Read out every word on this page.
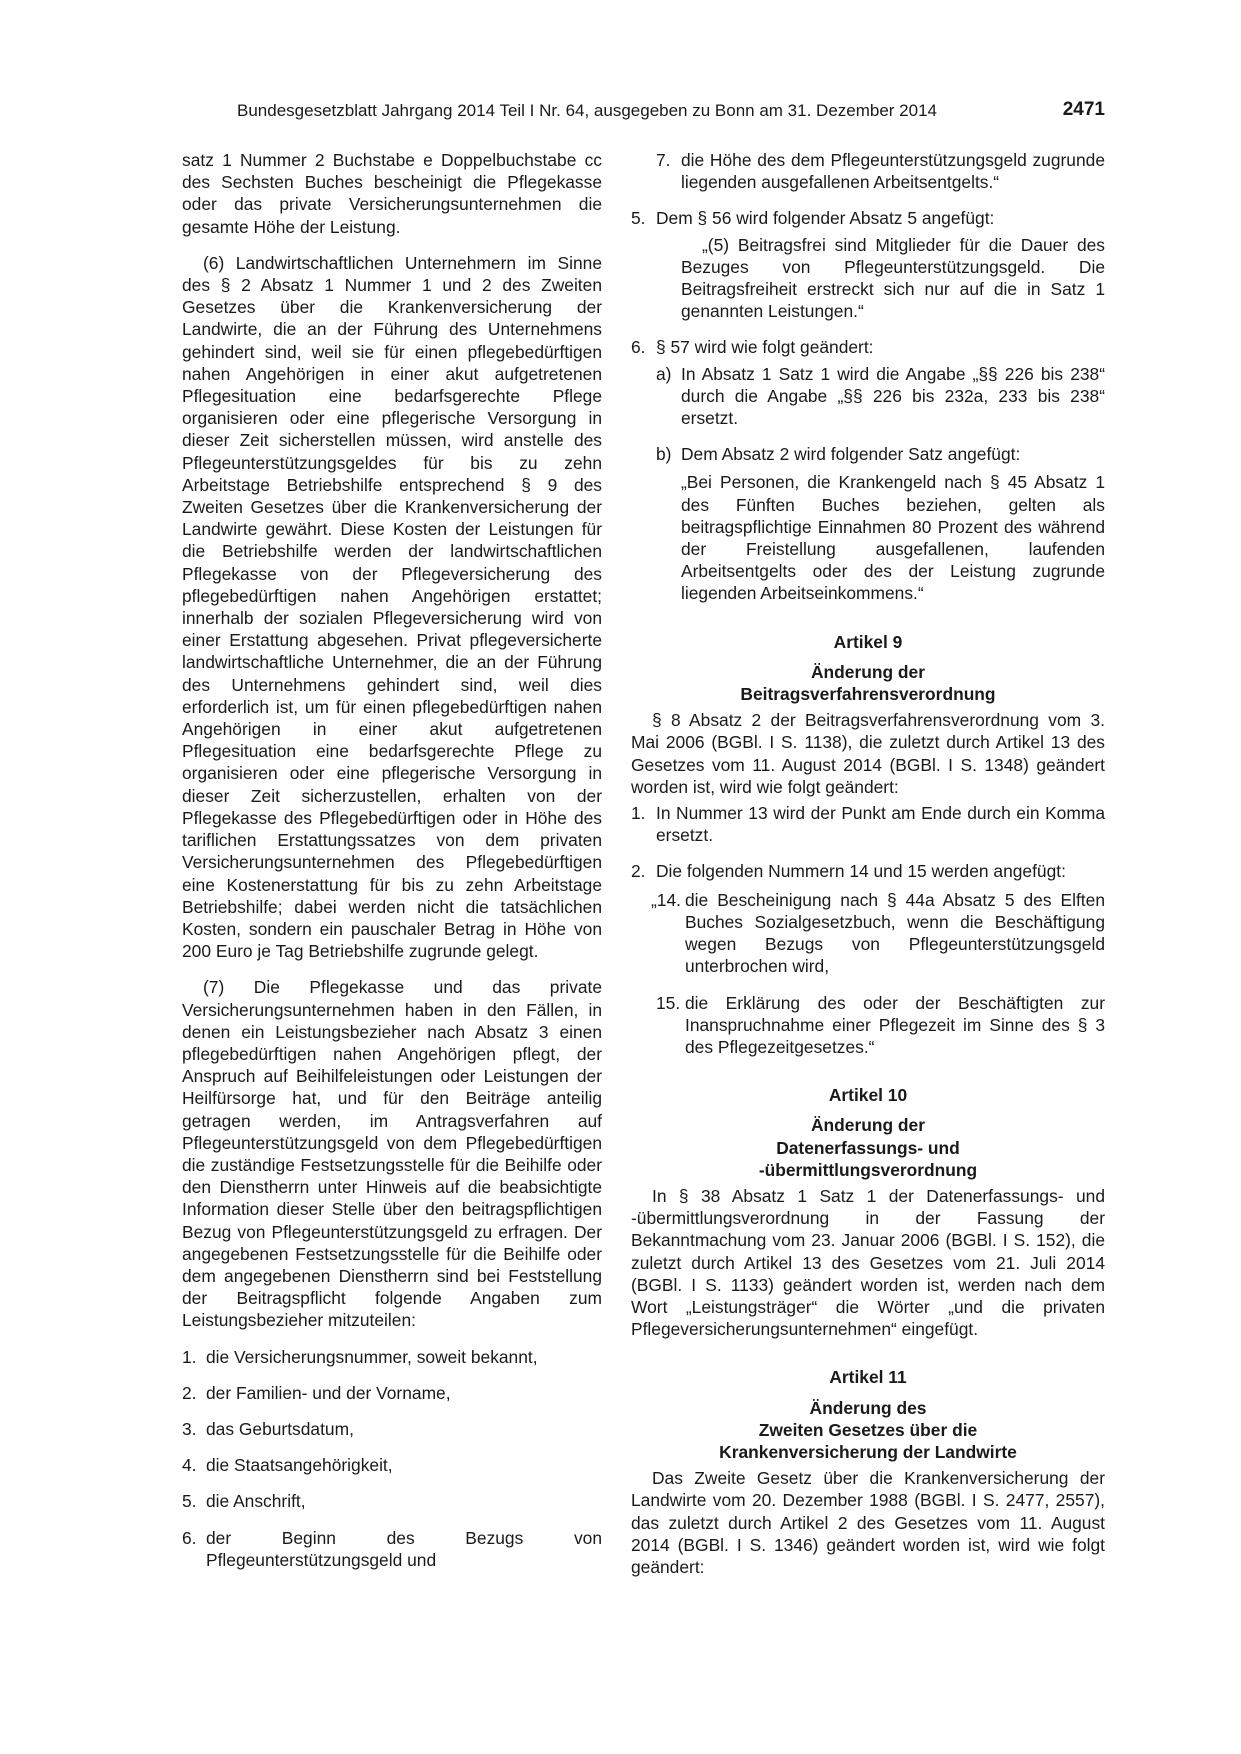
Bundesgesetzblatt Jahrgang 2014 Teil I Nr. 64, ausgegeben zu Bonn am 31. Dezember 2014	2471

satz 1 Nummer 2 Buchstabe e Doppelbuchstabe cc des Sechsten Buches bescheinigt die Pflegekasse oder das private Versicherungsunternehmen die gesamte Höhe der Leistung.

(6) Landwirtschaftlichen Unternehmern im Sinne des § 2 Absatz 1 Nummer 1 und 2 des Zweiten Gesetzes über die Krankenversicherung der Landwirte, die an der Führung des Unternehmens gehindert sind, weil sie für einen pflegebedürftigen nahen Angehörigen in einer akut aufgetretenen Pflegesituation eine bedarfsgerechte Pflege organisieren oder eine pflegerische Versorgung in dieser Zeit sicherstellen müssen, wird anstelle des Pflegeunterstützungsgeldes für bis zu zehn Arbeitstage Betriebshilfe entsprechend § 9 des Zweiten Gesetzes über die Krankenversicherung der Landwirte gewährt. Diese Kosten der Leistungen für die Betriebshilfe werden der landwirtschaftlichen Pflegekasse von der Pflegeversicherung des pflegebedürftigen nahen Angehörigen erstattet; innerhalb der sozialen Pflegeversicherung wird von einer Erstattung abgesehen. Privat pflegeversicherte landwirtschaftliche Unternehmer, die an der Führung des Unternehmens gehindert sind, weil dies erforderlich ist, um für einen pflegebedürftigen nahen Angehörigen in einer akut aufgetretenen Pflegesituation eine bedarfsgerechte Pflege zu organisieren oder eine pflegerische Versorgung in dieser Zeit sicherzustellen, erhalten von der Pflegekasse des Pflegebedürftigen oder in Höhe des tariflichen Erstattungssatzes von dem privaten Versicherungsunternehmen des Pflegebedürftigen eine Kostenerstattung für bis zu zehn Arbeitstage Betriebshilfe; dabei werden nicht die tatsächlichen Kosten, sondern ein pauschaler Betrag in Höhe von 200 Euro je Tag Betriebshilfe zugrunde gelegt.

(7) Die Pflegekasse und das private Versicherungsunternehmen haben in den Fällen, in denen ein Leistungsbezieher nach Absatz 3 einen pflegebedürftigen nahen Angehörigen pflegt, der Anspruch auf Beihilfeleistungen oder Leistungen der Heilfürsorge hat, und für den Beiträge anteilig getragen werden, im Antragsverfahren auf Pflegeunterstützungsgeld von dem Pflegebedürftigen die zuständige Festsetzungsstelle für die Beihilfe oder den Dienstherrn unter Hinweis auf die beabsichtigte Information dieser Stelle über den beitragspflichtigen Bezug von Pflegeunterstützungsgeld zu erfragen. Der angegebenen Festsetzungsstelle für die Beihilfe oder dem angegebenen Dienstherrn sind bei Feststellung der Beitragspflicht folgende Angaben zum Leistungsbezieher mitzuteilen:

1. die Versicherungsnummer, soweit bekannt,
2. der Familien- und der Vorname,
3. das Geburtsdatum,
4. die Staatsangehörigkeit,
5. die Anschrift,
6. der Beginn des Bezugs von Pflegeunterstützungsgeld und
7. die Höhe des dem Pflegeunterstützungsgeld zugrunde liegenden ausgefallenen Arbeitsentgelts.“
5. Dem § 56 wird folgender Absatz 5 angefügt:

„(5) Beitragsfrei sind Mitglieder für die Dauer des Bezuges von Pflegeunterstützungsgeld. Die Beitragsfreiheit erstreckt sich nur auf die in Satz 1 genannten Leistungen.“

6. § 57 wird wie folgt geändert:
a) In Absatz 1 Satz 1 wird die Angabe „§§ 226 bis 238“ durch die Angabe „§§ 226 bis 232a, 233 bis 238“ ersetzt.
b) Dem Absatz 2 wird folgender Satz angefügt:

„Bei Personen, die Krankengeld nach § 45 Absatz 1 des Fünften Buches beziehen, gelten als beitragspflichtige Einnahmen 80 Prozent des während der Freistellung ausgefallenen, laufenden Arbeitsentgelts oder des der Leistung zugrunde liegenden Arbeitseinkommens.“

Artikel 9
Änderung der
Beitragsverfahrensverordnung

§ 8 Absatz 2 der Beitragsverfahrensverordnung vom 3. Mai 2006 (BGBl. I S. 1138), die zuletzt durch Artikel 13 des Gesetzes vom 11. August 2014 (BGBl. I S. 1348) geändert worden ist, wird wie folgt geändert:

1. In Nummer 13 wird der Punkt am Ende durch ein Komma ersetzt.
2. Die folgenden Nummern 14 und 15 werden angefügt:
„14. die Bescheinigung nach § 44a Absatz 5 des Elften Buches Sozialgesetzbuch, wenn die Beschäftigung wegen Bezugs von Pflegeunterstützungsgeld unterbrochen wird,
15. die Erklärung des oder der Beschäftigten zur Inanspruchnahme einer Pflegezeit im Sinne des § 3 des Pflegezeitgesetzes.“
Artikel 10
Änderung der
Datenerfassungs- und
-übermittlungsverordnung

In § 38 Absatz 1 Satz 1 der Datenerfassungs- und -übermittlungsverordnung in der Fassung der Bekanntmachung vom 23. Januar 2006 (BGBl. I S. 152), die zuletzt durch Artikel 13 des Gesetzes vom 21. Juli 2014 (BGBl. I S. 1133) geändert worden ist, werden nach dem Wort „Leistungsträger“ die Wörter „und die privaten Pflegeversicherungsunternehmen“ eingefügt.

Artikel 11
Änderung des
Zweiten Gesetzes über die
Krankenversicherung der Landwirte

Das Zweite Gesetz über die Krankenversicherung der Landwirte vom 20. Dezember 1988 (BGBl. I S. 2477, 2557), das zuletzt durch Artikel 2 des Gesetzes vom 11. August 2014 (BGBl. I S. 1346) geändert worden ist, wird wie folgt geändert:
